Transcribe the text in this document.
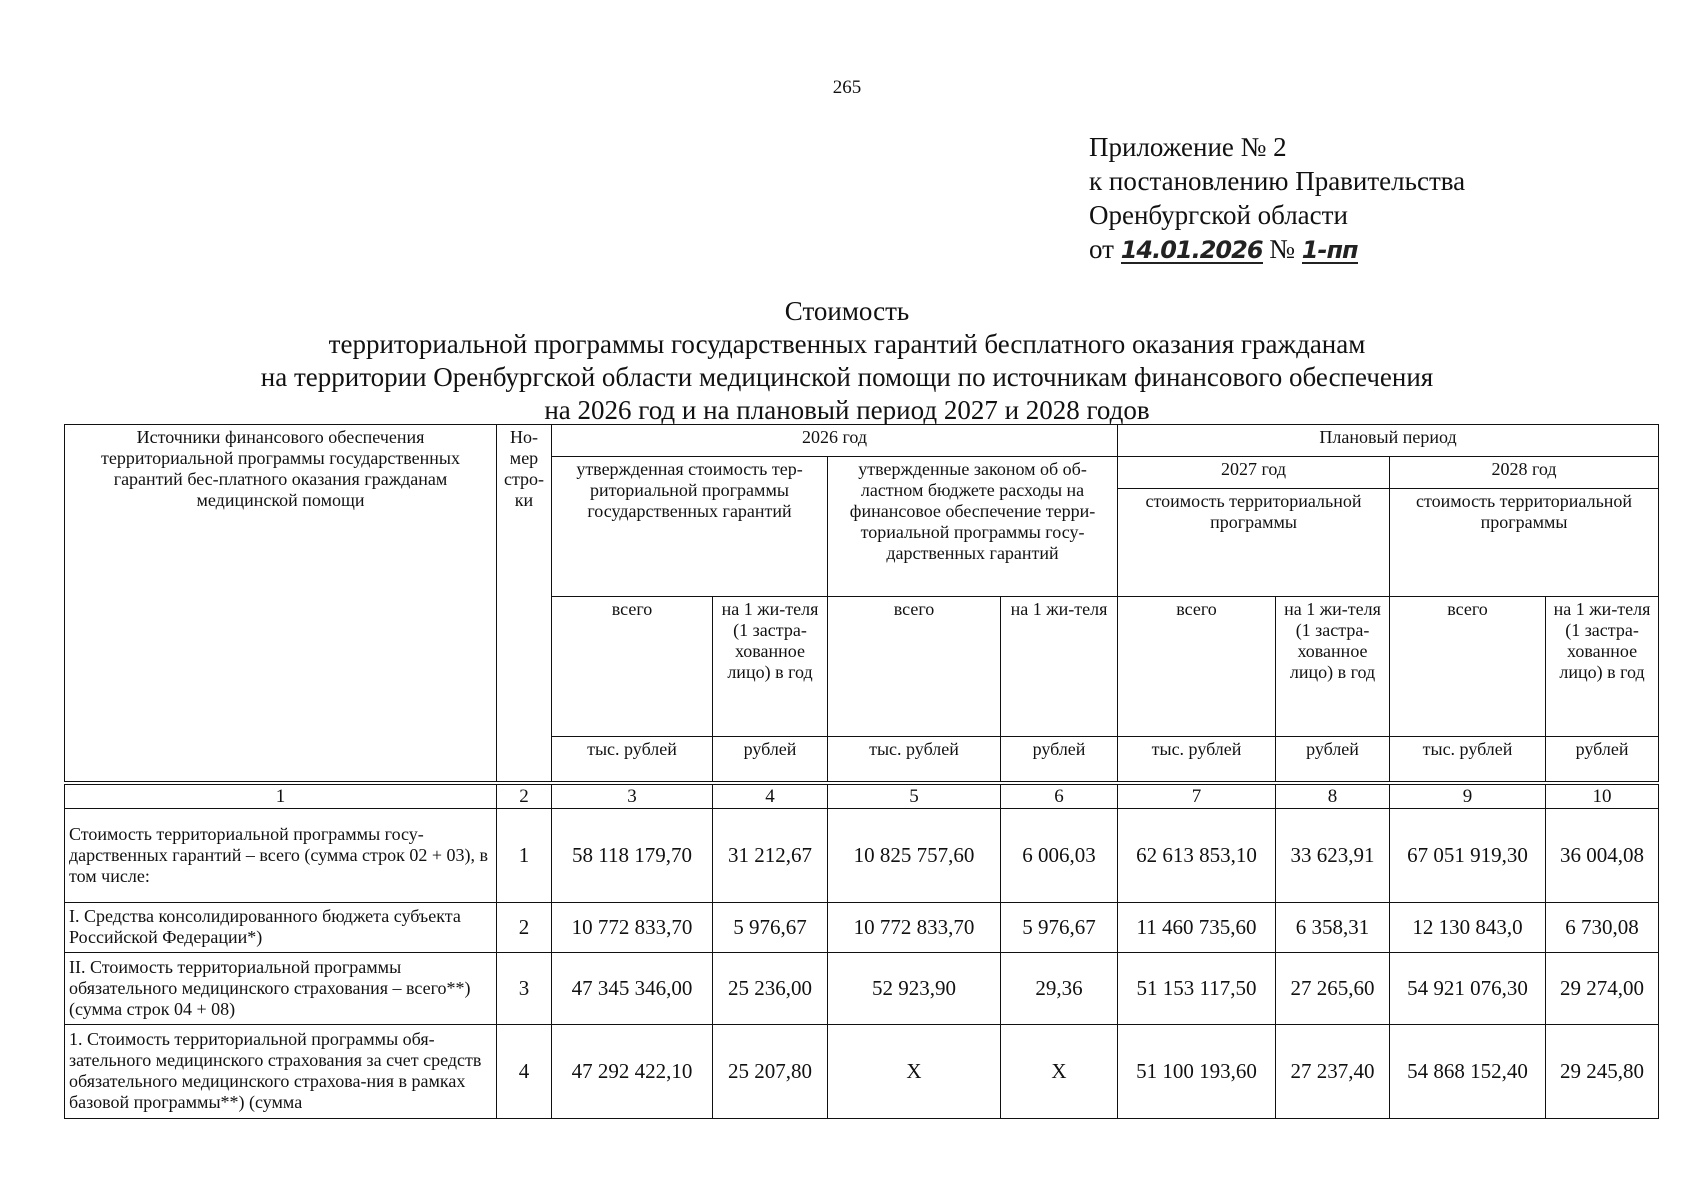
265
Приложение № 2
к постановлению Правительства
Оренбургской области
от 14.01.2026 № 1-пп
Стоимость
территориальной программы государственных гарантий бесплатного оказания гражданам
на территории Оренбургской области медицинской помощи по источникам финансового обеспечения
на 2026 год и на плановый период 2027 и 2028 годов
Источники финансового обеспечения территориальной программы государственных гарантий бес-платного оказания гражданам медицинской помощи	Но-мер стро-ки	2026 год				Плановый период			
		утвержденная стоимость тер-риториальной программы государственных гарантий		утвержденные законом об об-ластном бюджете расходы на финансовое обеспечение терри-ториальной программы госу-дарственных гарантий		2027 год		2028 год	
						стоимость территориальной программы		стоимость территориальной программы	
		всего	на 1 жи-теля (1 застра-хованное лицо) в год	всего	на 1 жи-теля	всего	на 1 жи-теля (1 застра-хованное лицо) в год	всего	на 1 жи-теля (1 застра-хованное лицо) в год
		тыс. рублей	рублей	тыс. рублей	рублей	тыс. рублей	рублей	тыс. рублей	рублей
1	2	3	4	5	6	7	8	9	10
Стоимость территориальной программы госу-дарственных гарантий – всего (сумма строк 02 + 03), в том числе:	1	58 118 179,70	31 212,67	10 825 757,60	6 006,03	62 613 853,10	33 623,91	67 051 919,30	36 004,08
I. Средства консолидированного бюджета субъекта Российской Федерации*)	2	10 772 833,70	5 976,67	10 772 833,70	5 976,67	11 460 735,60	6 358,31	12 130 843,0	6 730,08
II. Стоимость территориальной программы обязательного медицинского страхования – всего**) (сумма строк 04 + 08)	3	47 345 346,00	25 236,00	52 923,90	29,36	51 153 117,50	27 265,60	54 921 076,30	29 274,00
1. Стоимость территориальной программы обя-зательного медицинского страхования за счет средств обязательного медицинского страхова-ния в рамках базовой программы**) (сумма	4	47 292 422,10	25 207,80	X	X	51 100 193,60	27 237,40	54 868 152,40	29 245,80
